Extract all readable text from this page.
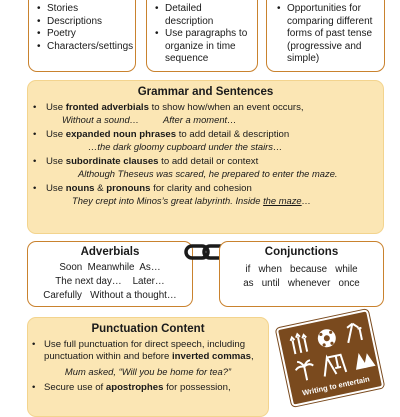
• Stories
• Descriptions
• Poetry
• Characters/settings
• Detailed description
• Use paragraphs to organize in time sequence
• Opportunities for comparing different forms of past tense (progressive and simple)
Grammar and Sentences
• Use fronted adverbials to show how/when an event occurs,
Without a sound…	After a moment…
• Use expanded noun phrases to add detail & description
…the dark gloomy cupboard under the stairs…
• Use subordinate clauses to add detail or context
Although Theseus was scared, he prepared to enter the maze.
• Use nouns & pronouns for clarity and cohesion
They crept into Minos’s great labyrinth. Inside the maze…
Adverbials
Soon  Meanwhile  As…
The next day…    Later…
Carefully   Without a thought…
Conjunctions
if   when   because   while
as   until   whenever   once
Punctuation Content
• Use full punctuation for direct speech, including punctuation within and before inverted commas,
Mum asked, “Will you be home for tea?”
• Secure use of apostrophes for possession,	Writing to entertain
